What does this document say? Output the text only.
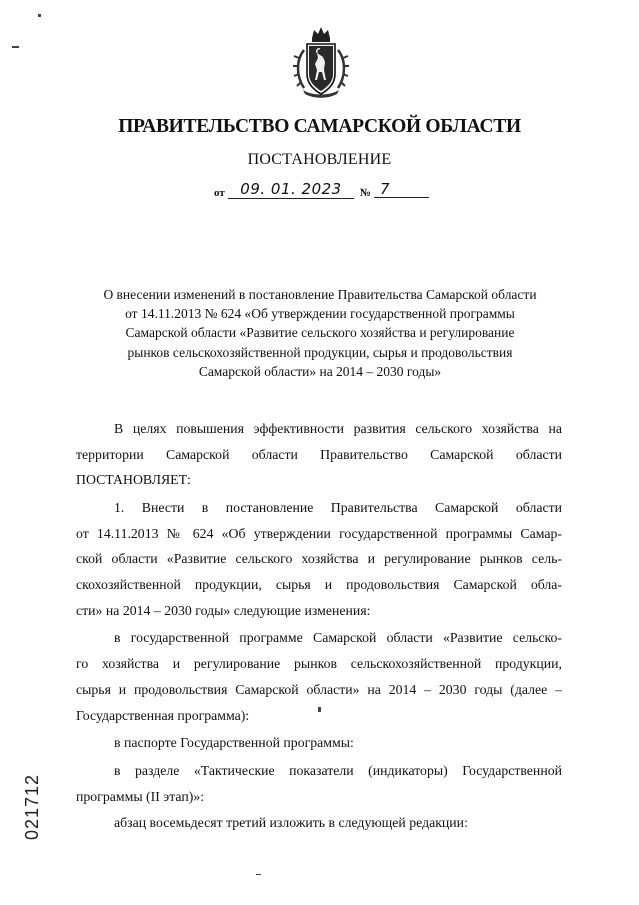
ПРАВИТЕЛЬСТВО САМАРСКОЙ ОБЛАСТИ
ПОСТАНОВЛЕНИЕ
от	09. 01. 2023	№ 7
О внесении изменений в постановление Правительства Самарской области
от 14.11.2013 № 624 «Об утверждении государственной программы
Самарской области «Развитие сельского хозяйства и регулирование
рынков сельскохозяйственной продукции, сырья и продовольствия
Самарской области» на 2014 – 2030 годы»
В целях повышения эффективности развития сельского хозяйства на
территории Самарской области Правительство Самарской области
ПОСТАНОВЛЯЕТ:
1. Внести в постановление Правительства Самарской области
от 14.11.2013 № 624 «Об утверждении государственной программы Самар-
ской области «Развитие сельского хозяйства и регулирование рынков сель-
скохозяйственной продукции, сырья и продовольствия Самарской обла-
сти» на 2014 – 2030 годы» следующие изменения:
в государственной программе Самарской области «Развитие сельско-
го хозяйства и регулирование рынков сельскохозяйственной продукции,
сырья и продовольствия Самарской области» на 2014 – 2030 годы (далее –
Государственная программа):
в паспорте Государственной программы:
в разделе «Тактические показатели (индикаторы) Государственной
программы (II этап)»:
абзац восемьдесят третий изложить в следующей редакции:
021712
